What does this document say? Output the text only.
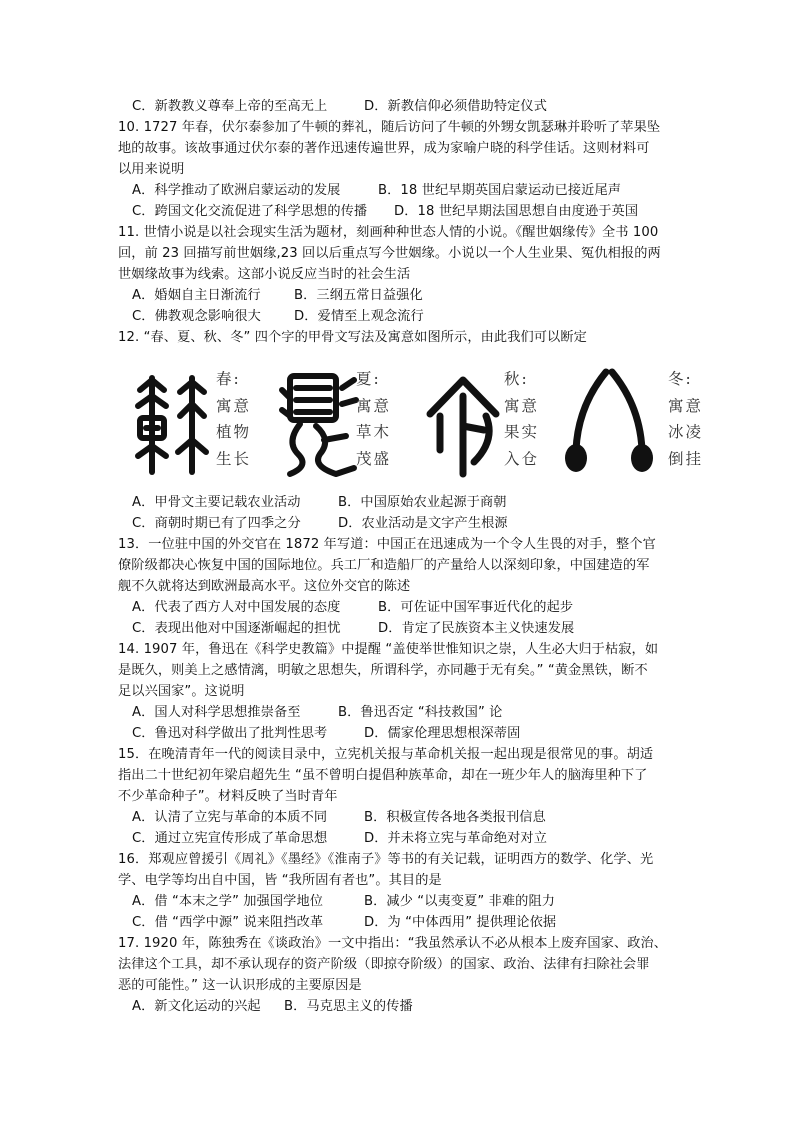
C．新教教义尊奉上帝的至高无上	D．新教信仰必须借助特定仪式
10. 1727 年春，伏尔泰参加了牛顿的葬礼，随后访问了牛顿的外甥女凯瑟琳并聆听了苹果坠
地的故事。该故事通过伏尔泰的著作迅速传遍世界，成为家喻户晓的科学佳话。这则材料可
以用来说明
A．科学推动了欧洲启蒙运动的发展	B．18 世纪早期英国启蒙运动已接近尾声
C．跨国文化交流促进了科学思想的传播 D．18 世纪早期法国思想自由度逊于英国
11. 世情小说是以社会现实生活为题材，刻画种种世态人情的小说。《醒世姻缘传》全书 100
回，前 23 回描写前世姻缘,23 回以后重点写今世姻缘。小说以一个人生业果、冤仇相报的两
世姻缘故事为线索。这部小说反应当时的社会生活
A．婚姻自主日渐流行	B．三纲五常日益强化
C．佛教观念影响很大	D．爱情至上观念流行
12. “春、夏、秋、冬” 四个字的甲骨文写法及寓意如图所示，由此我们可以断定
春:
寓意
植物
生长
夏:
寓意
草木
茂盛
秋:
寓意
果实
入仓
冬:
寓意
冰凌
倒挂
A．甲骨文主要记载农业活动	B．中国原始农业起源于商朝
C．商朝时期已有了四季之分	D．农业活动是文字产生根源
13．一位驻中国的外交官在 1872 年写道：中国正在迅速成为一个令人生畏的对手，整个官
僚阶级都决心恢复中国的国际地位。兵工厂和造船厂的产量给人以深刻印象，中国建造的军
舰不久就将达到欧洲最高水平。这位外交官的陈述
A．代表了西方人对中国发展的态度	B．可佐证中国军事近代化的起步
C．表现出他对中国逐渐崛起的担忧	D．肯定了民族资本主义快速发展
14. 1907 年，鲁迅在《科学史教篇》中提醒 “盖使举世惟知识之崇，人生必大归于枯寂，如
是既久，则美上之感情漓，明敏之思想失，所谓科学，亦同趣于无有矣。” “黄金黑铁，断不
足以兴国家”。这说明
A．国人对科学思想推崇备至	B．鲁迅否定 “科技救国” 论
C．鲁迅对科学做出了批判性思考	D．儒家伦理思想根深蒂固
15．在晚清青年一代的阅读目录中，立宪机关报与革命机关报一起出现是很常见的事。胡适
指出二十世纪初年梁启超先生 “虽不曾明白提倡种族革命，却在一班少年人的脑海里种下了
不少革命种子”。材料反映了当时青年
A．认清了立宪与革命的本质不同	B．积极宣传各地各类报刊信息
C．通过立宪宣传形成了革命思想	D．并未将立宪与革命绝对对立
16．郑观应曾援引《周礼》《墨经》《淮南子》等书的有关记载，证明西方的数学、化学、光
学、电学等均出自中国，皆 “我所固有者也”。其目的是
A．借 “本末之学” 加强国学地位	B．减少 “以夷变夏” 非难的阻力
C．借 “西学中源” 说来阻挡改革	D．为 “中体西用” 提供理论依据
17. 1920 年，陈独秀在《谈政治》一文中指出：“我虽然承认不必从根本上废弃国家、政治、
法律这个工具，却不承认现存的资产阶级（即掠夺阶级）的国家、政治、法律有扫除社会罪
恶的可能性。” 这一认识形成的主要原因是
A．新文化运动的兴起 B．马克思主义的传播
